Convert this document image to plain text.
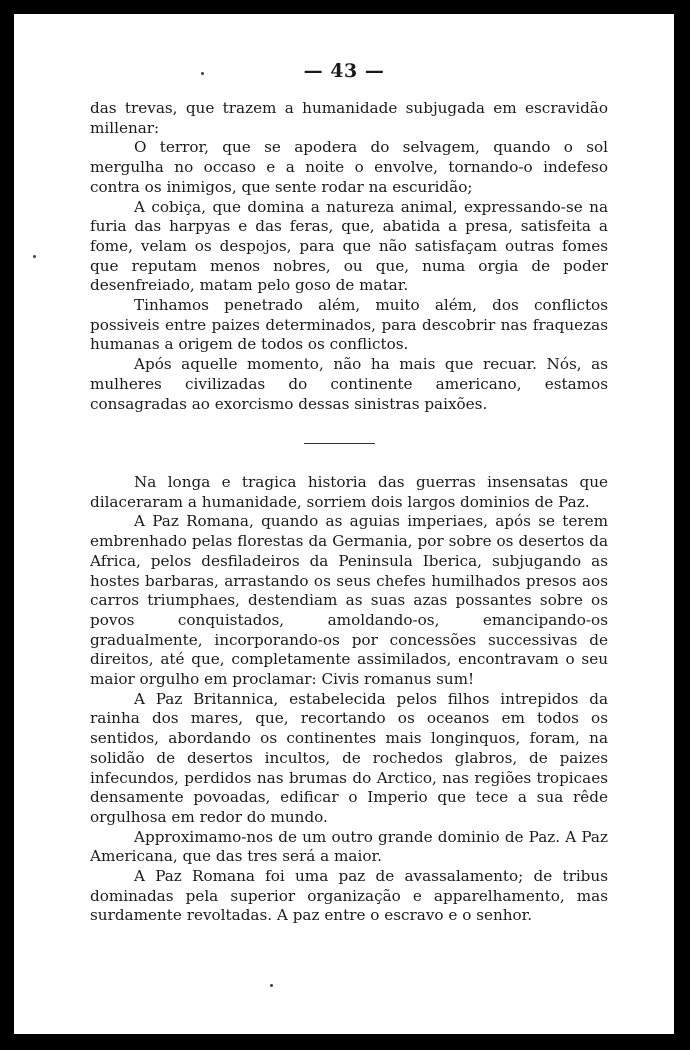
— 43 —

das trevas, que trazem a humanidade subjugada em escravidão millenar:

O terror, que se apodera do selvagem, quando o sol mergulha no occaso e a noite o envolve, tornando-o indefeso contra os inimigos, que sente rodar na escuridão;

A cobiça, que domina a natureza animal, expressando-se na furia das harpyas e das feras, que, abatida a presa, satisfeita a fome, velam os despojos, para que não satisfaçam outras fomes que reputam menos nobres, ou que, numa orgia de poder desenfreiado, matam pelo goso de matar.

Tinhamos penetrado além, muito além, dos conflictos possiveis entre paizes determinados, para descobrir nas fraquezas humanas a origem de todos os conflictos.

Após aquelle momento, não ha mais que recuar. Nós, as mulheres civilizadas do continente americano, estamos consagradas ao exorcismo dessas sinistras paixões.

Na longa e tragica historia das guerras insensatas que dilaceraram a humanidade, sorriem dois largos dominios de Paz.

A Paz Romana, quando as aguias imperiaes, após se terem embrenhado pelas florestas da Germania, por sobre os desertos da Africa, pelos desfiladeiros da Peninsula Iberica, subjugando as hostes barbaras, arrastando os seus chefes humilhados presos aos carros triumphaes, destendiam as suas azas possantes sobre os povos conquistados, amoldando-os, emancipando-os gradualmente, incorporando-os por concessões successivas de direitos, até que, completamente assimilados, encontravam o seu maior orgulho em proclamar: Civis romanus sum!

A Paz Britannica, estabelecida pelos filhos intrepidos da rainha dos mares, que, recortando os oceanos em todos os sentidos, abordando os continentes mais longinquos, foram, na solidão de desertos incultos, de rochedos glabros, de paizes infecundos, perdidos nas brumas do Arctico, nas regiões tropicaes densamente povoadas, edificar o Imperio que tece a sua rêde orgulhosa em redor do mundo.

Approximamo-nos de um outro grande dominio de Paz. A Paz Americana, que das tres será a maior.

A Paz Romana foi uma paz de avassalamento; de tribus dominadas pela superior organização e apparelhamento, mas surdamente revoltadas. A paz entre o escravo e o senhor.
